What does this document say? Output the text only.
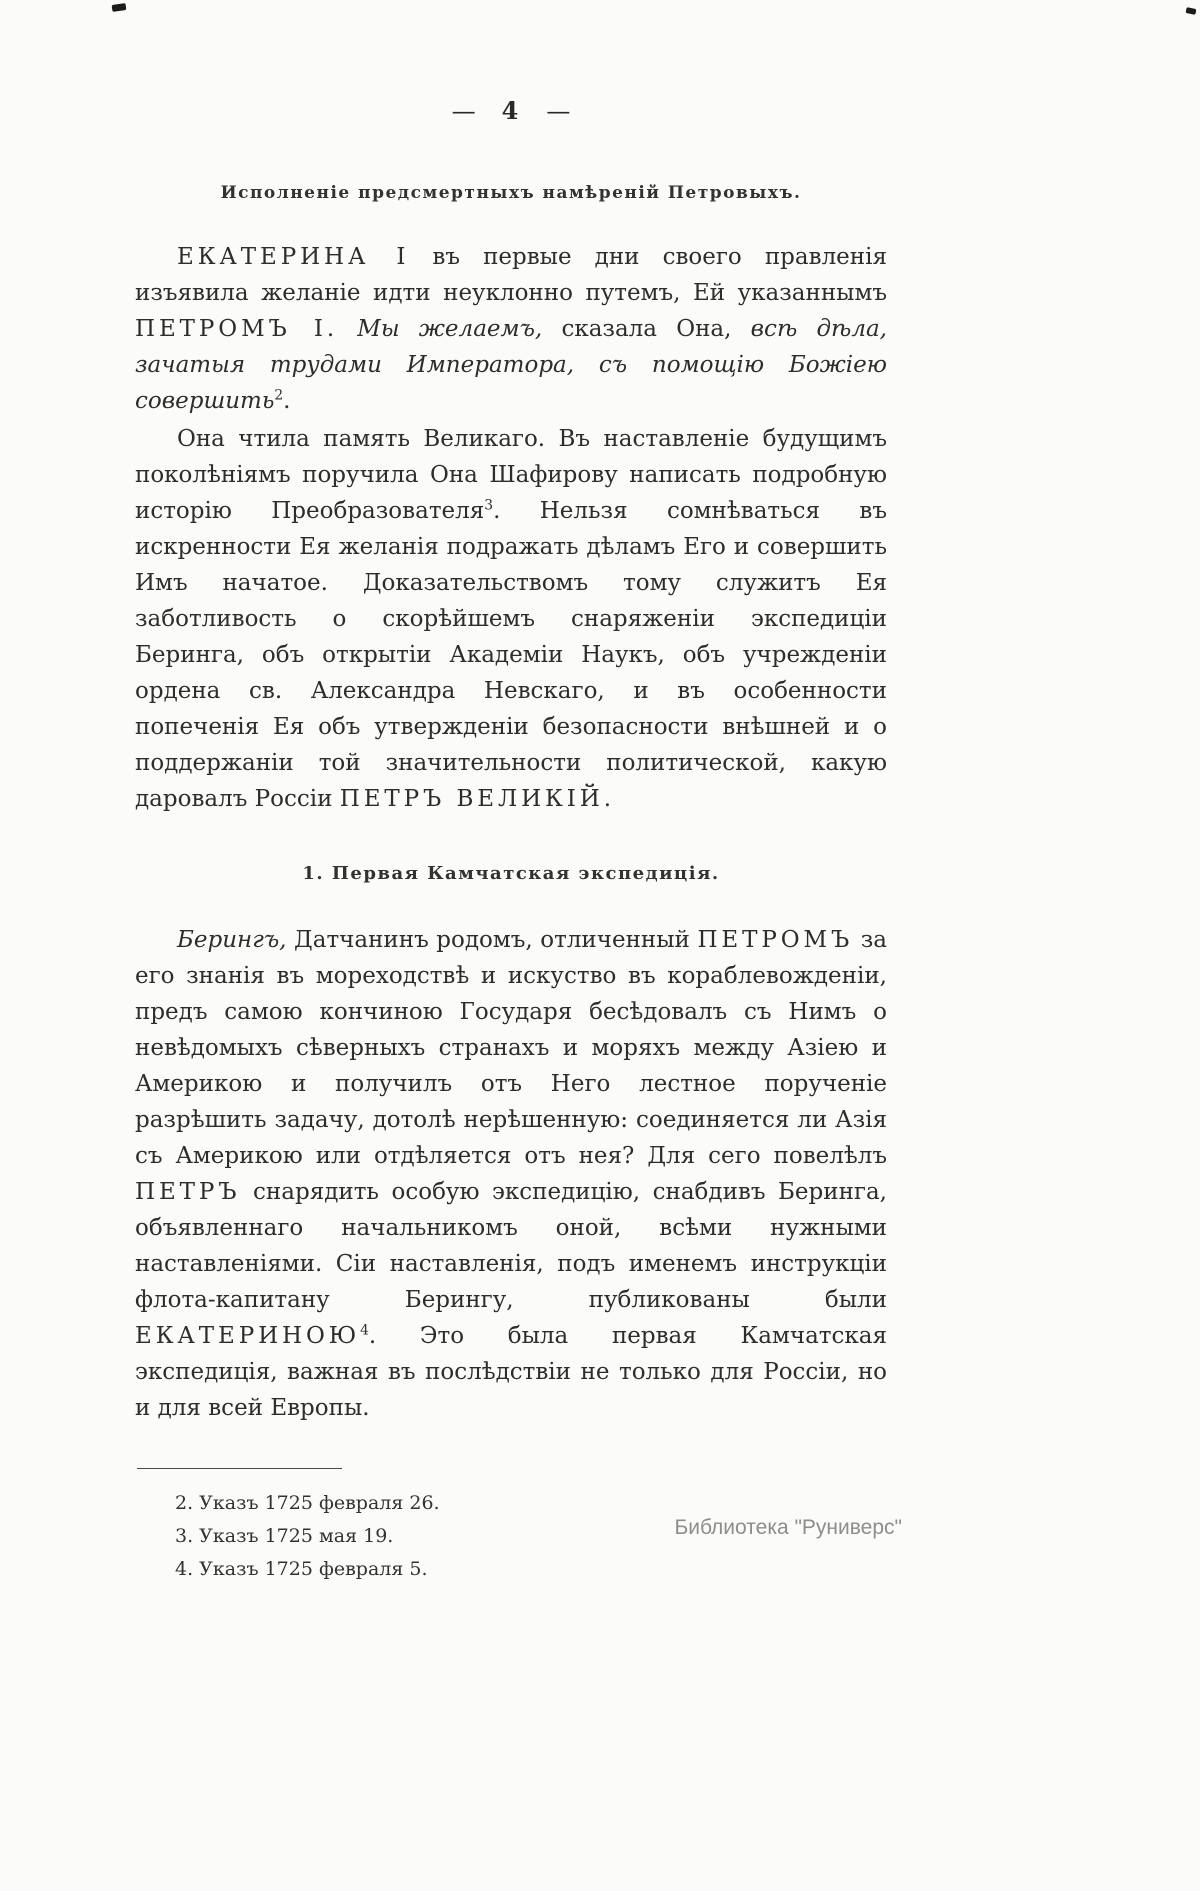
— 4 —
Исполненіе предсмертныхъ намѣреній Петровыхъ.

ЕКАТЕРИНА I въ первые дни своего правленія изъявила желаніе идти неуклонно путемъ, Ей указаннымъ ПЕТРОМЪ I. Мы желаемъ, сказала Она, всѣ дѣла, зачатыя трудами Императора, съ помощію Божіею совершить$^2$.

Она чтила память Великаго. Въ наставленіе будущимъ поколѣніямъ поручила Она Шафирову написать подробную исторію Преобразователя$^3$. Нельзя сомнѣваться въ искренности Ея желанія подражать дѣламъ Его и совершить Имъ начатое. Доказательствомъ тому служитъ Ея заботливость о скорѣйшемъ снаряженіи экспедиціи Беринга, объ открытіи Академіи Наукъ, объ учрежденіи ордена св. Александра Невскаго, и въ особенности попеченія Ея объ утвержденіи безопасности внѣшней и о поддержаніи той значительности политической, какую даровалъ Россіи ПЕТРЪ ВЕЛИКІЙ.

1. Первая Камчатская экспедиція.

Берингъ, Датчанинъ родомъ, отличенный ПЕТРОМЪ за его знанія въ мореходствѣ и искуство въ кораблевожденіи, предъ самою кончиною Государя бесѣдовалъ съ Нимъ о невѣдомыхъ сѣверныхъ странахъ и моряхъ между Азіею и Америкою и получилъ отъ Него лестное порученіе разрѣшить задачу, дотолѣ нерѣшенную: соединяется ли Азія съ Америкою или отдѣляется отъ нея? Для сего повелѣлъ ПЕТРЪ снарядить особую экспедицію, снабдивъ Беринга, объявленнаго начальникомъ оной, всѣми нужными наставленіями. Сіи наставленія, подъ именемъ инструкціи флота-капитану Берингу, публикованы были ЕКАТЕРИНОЮ$^4$. Это была первая Камчатская экспедиція, важная въ послѣдствіи не только для Россіи, но и для всей Европы.

2. Указъ 1725 февраля 26.
3. Указъ 1725 мая 19.
4. Указъ 1725 февраля 5.
Библиотека "Руниверс"
